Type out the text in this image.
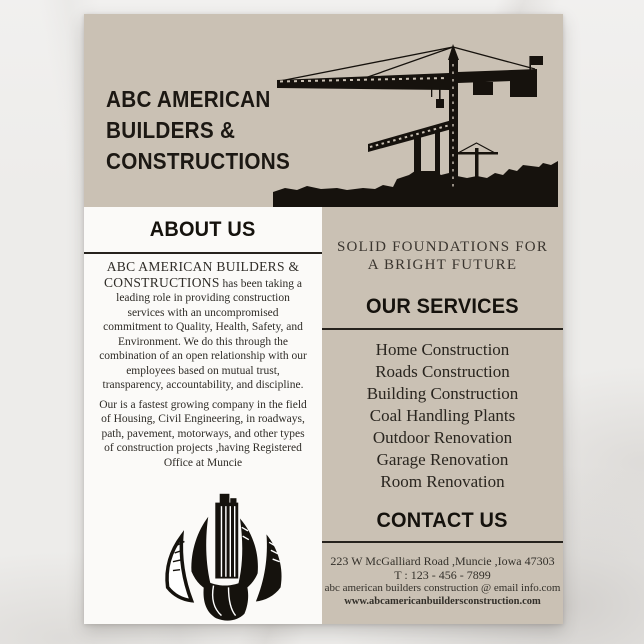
ABC AMERICAN
BUILDERS &
CONSTRUCTIONS
ABOUT US

ABC AMERICAN BUILDERS & CONSTRUCTIONS has been taking a leading role in providing construction services with an uncompromised commitment to Quality, Health, Safety, and Environment. We do this through the combination of an open relationship with our employees based on mutual trust, transparency, accountability, and discipline.

Our is a fastest growing company in the field of Housing, Civil Engineering, in roadways, path, pavement, motorways, and other types of construction projects ,having Registered Office at Muncie

SOLID FOUNDATIONS FOR
A BRIGHT FUTURE
OUR SERVICES
Home Construction
Roads Construction
Building Construction
Coal Handling Plants
Outdoor Renovation
Garage Renovation
Room Renovation
CONTACT US
223 W McGalliard Road ,Muncie ,Iowa 47303
T : 123 - 456 - 7899
abc american builders construction @ email info.com
www.abcamericanbuildersconstruction.com
